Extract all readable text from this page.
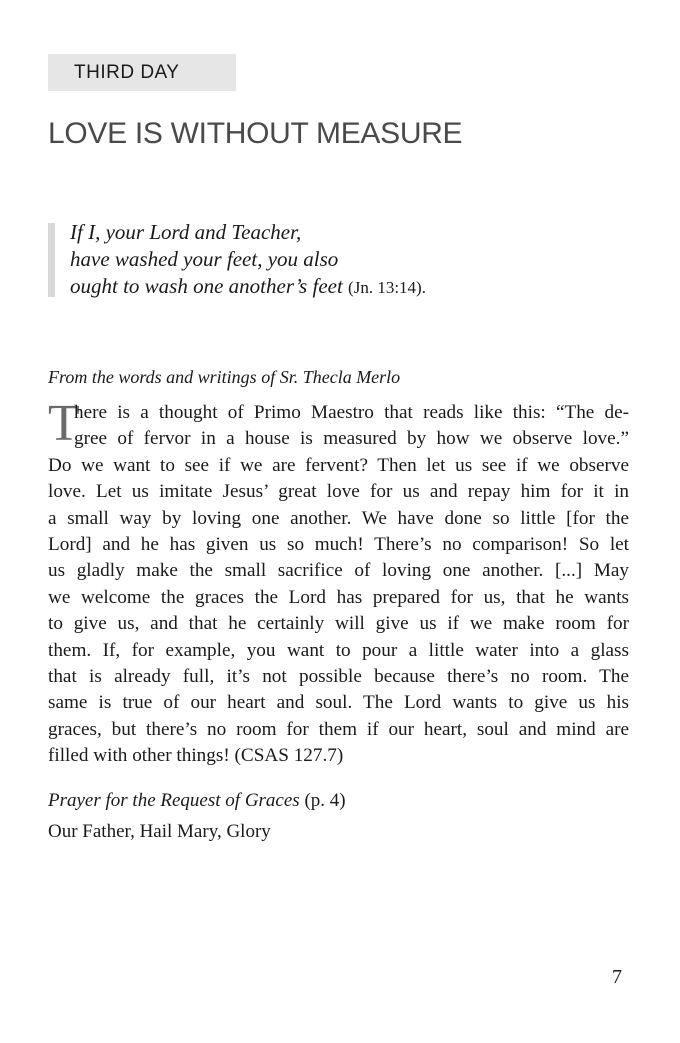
THIRD DAY
LOVE IS WITHOUT MEASURE
If I, your Lord and Teacher,
have washed your feet, you also
ought to wash one another’s feet (Jn. 13:14).
From the words and writings of Sr. Thecla Merlo
T
here is a thought of Primo Maestro that reads like this: “The de-
gree of fervor in a house is measured by how we observe love.”
Do we want to see if we are fervent? Then let us see if we observe
love. Let us imitate Jesus’ great love for us and repay him for it in
a small way by loving one another. We have done so little [for the
Lord] and he has given us so much! There’s no comparison! So let
us gladly make the small sacrifice of loving one another. [...] May
we welcome the graces the Lord has prepared for us, that he wants
to give us, and that he certainly will give us if we make room for
them. If, for example, you want to pour a little water into a glass
that is already full, it’s not possible because there’s no room. The
same is true of our heart and soul. The Lord wants to give us his
graces, but there’s no room for them if our heart, soul and mind are
filled with other things! (CSAS 127.7)
Prayer for the Request of Graces (p. 4)
Our Father, Hail Mary, Glory
7
